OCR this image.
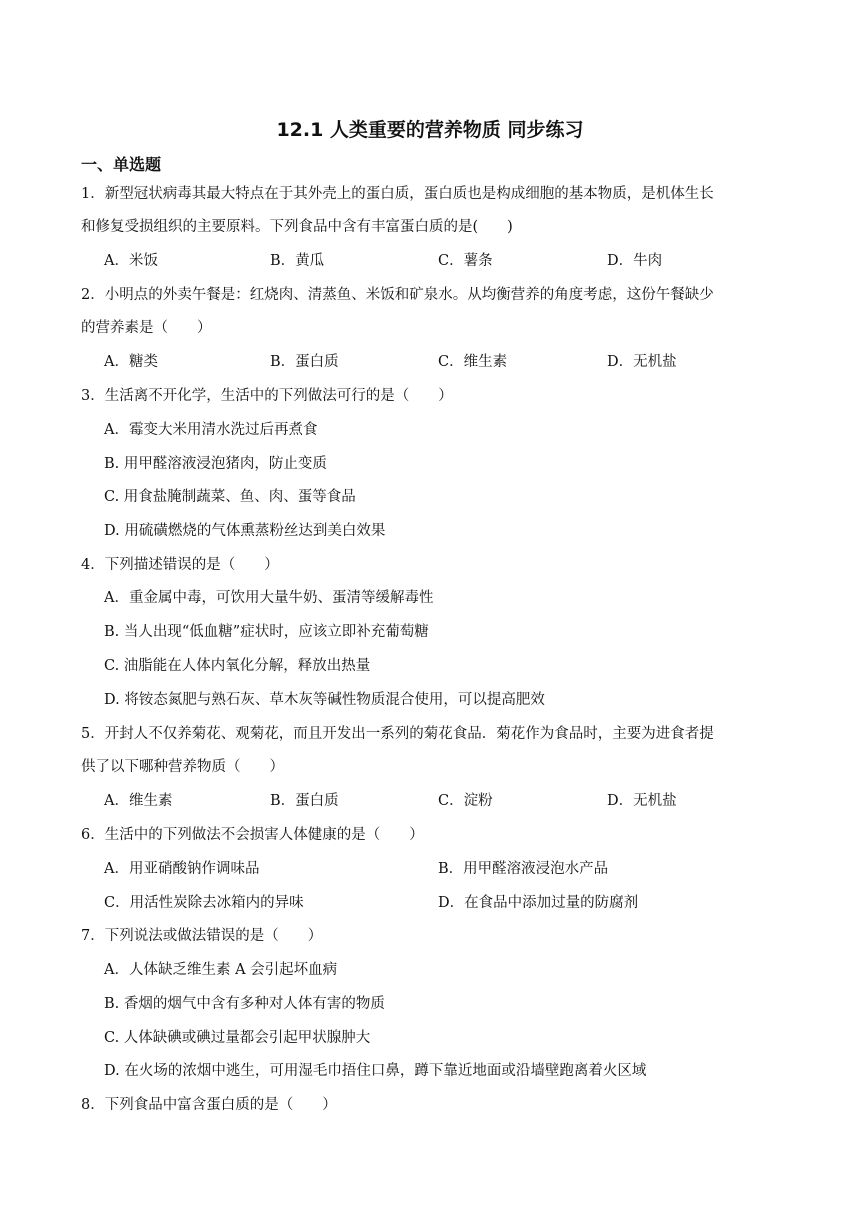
12.1 人类重要的营养物质 同步练习
一、单选题
1．新型冠状病毒其最大特点在于其外壳上的蛋白质，蛋白质也是构成细胞的基本物质，是机体生长
和修复受损组织的主要原料。下列食品中含有丰富蛋白质的是(　　)
A．米饭	B．黄瓜	C．薯条	D．牛肉
2．小明点的外卖午餐是：红烧肉、清蒸鱼、米饭和矿泉水。从均衡营养的角度考虑，这份午餐缺少
的营养素是（　　）
A．糖类	B．蛋白质	C．维生素	D．无机盐
3．生活离不开化学，生活中的下列做法可行的是（　　）
A．霉变大米用清水洗过后再煮食
B. 用甲醛溶液浸泡猪肉，防止变质
C. 用食盐腌制蔬菜、鱼、肉、蛋等食品
D. 用硫磺燃烧的气体熏蒸粉丝达到美白效果
4．下列描述错误的是（　　）
A．重金属中毒，可饮用大量牛奶、蛋清等缓解毒性
B. 当人出现“低血糖”症状时，应该立即补充葡萄糖
C. 油脂能在人体内氧化分解，释放出热量
D. 将铵态氮肥与熟石灰、草木灰等碱性物质混合使用，可以提高肥效
5．开封人不仅养菊花、观菊花，而且开发出一系列的菊花食品．菊花作为食品时，主要为进食者提
供了以下哪种营养物质（　　）
A．维生素	B．蛋白质	C．淀粉	D．无机盐
6．生活中的下列做法不会损害人体健康的是（　　）
A．用亚硝酸钠作调味品	B．用甲醛溶液浸泡水产品
C．用活性炭除去冰箱内的异味	D．在食品中添加过量的防腐剂
7．下列说法或做法错误的是（　　）
A．人体缺乏维生素 A 会引起坏血病
B. 香烟的烟气中含有多种对人体有害的物质
C. 人体缺碘或碘过量都会引起甲状腺肿大
D. 在火场的浓烟中逃生，可用湿毛巾捂住口鼻，蹲下靠近地面或沿墙壁跑离着火区域
8．下列食品中富含蛋白质的是（　　）
